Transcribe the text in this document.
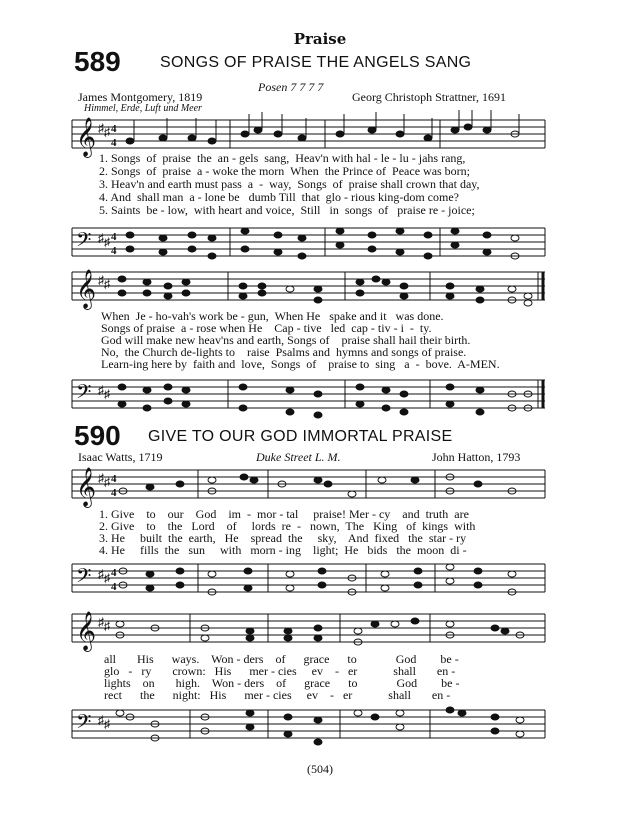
Praise
589 SONGS OF PRAISE THE ANGELS SANG
Posen 7 7 7 7
James Montgomery, 1819
Himmel, Erde, Luft und Meer
Georg Christoph Strattner, 1691
𝄞 ♯ ♯ 4
4
1. Songs  of  praise  the  an - gels  sang,  Heav'n with hal - le - lu - jahs rang,
2. Songs  of  praise  a - woke the morn  When  the Prince of  Peace was born;
3. Heav'n and earth must pass  a  -  way,  Songs  of  praise shall crown that day,
4. And  shall man  a - lone be   dumb Till  that  glo - rious king-dom come?
5. Saints  be - low,  with heart and voice,  Still   in  songs  of   praise re - joice;
𝄢 ♯ ♯ 4
4
𝄞 ♯ ♯
When  Je - ho-vah's work be - gun,  When He   spake and it   was done.
Songs of praise  a - rose when He    Cap - tive   led  cap - tiv - i  -  ty.
God will make new heav'ns and earth, Songs of    praise shall hail their birth.
No,  the Church de-lights to    raise  Psalms and  hymns and songs of praise.
Learn-ing here by  faith and  love,  Songs  of    praise to  sing   a  -  bove.  A-MEN.
𝄢 ♯ ♯
590 GIVE TO OUR GOD IMMORTAL PRAISE
Isaac Watts, 1719	Duke Street L. M.	John Hatton, 1793
𝄞 ♯ ♯ 4
4
1. Give    to    our    God    im  -  mor - tal     praise! Mer - cy    and  truth  are
2. Give    to    the   Lord    of     lords  re  -   nown,  The   King   of  kings  with
3. He     built  the  earth,   He    spread  the     sky,    And  fixed   the  star - ry
4. He     fills  the   sun     with   morn - ing    light;  He   bids   the  moon  di -
𝄢 ♯ ♯ 4
4
𝄞 ♯ ♯
all       His      ways.    Won - ders    of      grace      to             God        be -
glo   -   ry       crown:   His      mer - cies     ev    -   er            shall       en -
lights    on       high.    Won - ders    of      grace      to             God        be -
rect      the      night:   His      mer - cies     ev    -   er            shall       en -
𝄢 ♯ ♯
(504)
